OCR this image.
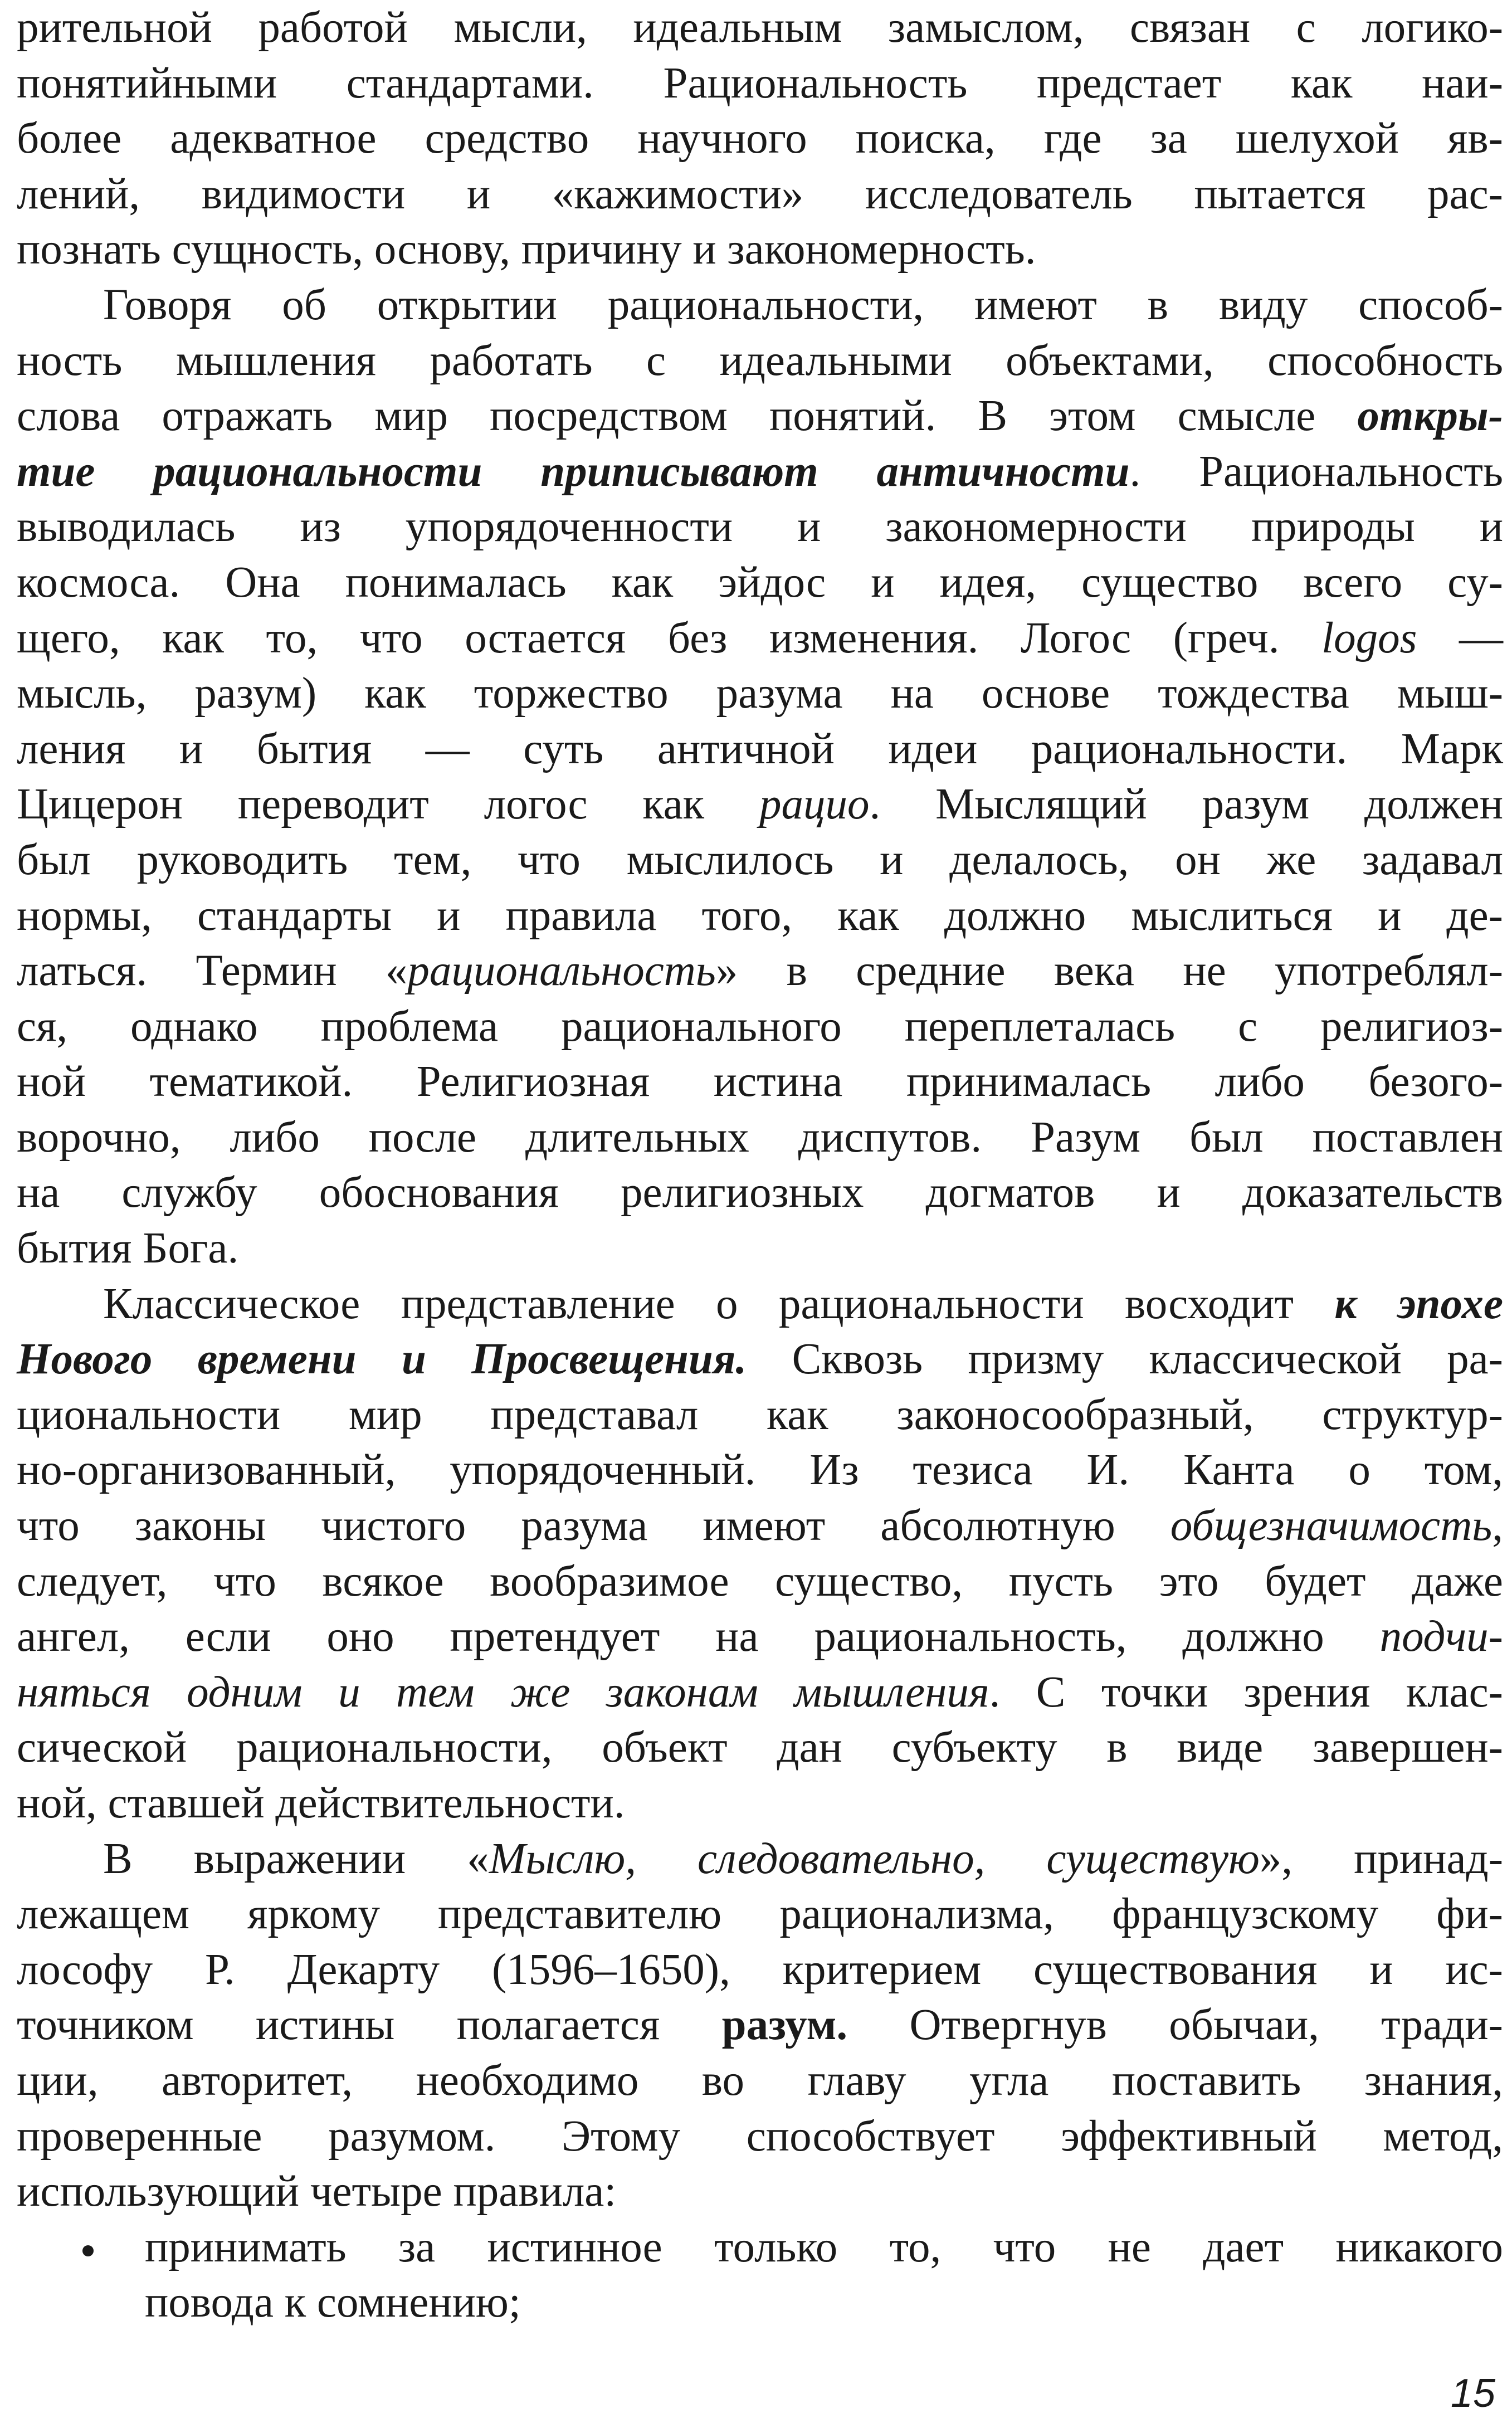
рительной работой мысли, идеальным замыслом, связан с логико-
понятийными стандартами. Рациональность предстает как наи-
более адекватное средство научного поиска, где за шелухой яв-
лений, видимости и «кажимости» исследователь пытается рас-
познать сущность, основу, причину и закономерность.
Говоря об открытии рациональности, имеют в виду способ-
ность мышления работать с идеальными объектами, способность
слова отражать мир посредством понятий. В этом смысле откры-
тие рациональности приписывают античности. Рациональность
выводилась из упорядоченности и закономерности природы и
космоса. Она понималась как эйдос и идея, существо всего су-
щего, как то, что остается без изменения. Логос (греч. logos —
мысль, разум) как торжество разума на основе тождества мыш-
ления и бытия — суть античной идеи рациональности. Марк
Цицерон переводит логос как рацио. Мыслящий разум должен
был руководить тем, что мыслилось и делалось, он же задавал
нормы, стандарты и правила того, как должно мыслиться и де-
латься. Термин «рациональность» в средние века не употреблял-
ся, однако проблема рационального переплеталась с религиоз-
ной тематикой. Религиозная истина принималась либо безого-
ворочно, либо после длительных диспутов. Разум был поставлен
на службу обоснования религиозных догматов и доказательств
бытия Бога.
Классическое представление о рациональности восходит к эпохе
Нового времени и Просвещения. Сквозь призму классической ра-
циональности мир представал как законосообразный, структур-
но-организованный, упорядоченный. Из тезиса И. Канта о том,
что законы чистого разума имеют абсолютную общезначимость,
следует, что всякое вообразимое существо, пусть это будет даже
ангел, если оно претендует на рациональность, должно подчи-
няться одним и тем же законам мышления. С точки зрения клас-
сической рациональности, объект дан субъекту в виде завершен-
ной, ставшей действительности.
В выражении «Мыслю, следовательно, существую», принад-
лежащем яркому представителю рационализма, французскому фи-
лософу Р. Декарту (1596–1650), критерием существования и ис-
точником истины полагается разум. Отвергнув обычаи, тради-
ции, авторитет, необходимо во главу угла поставить знания,
проверенные разумом. Этому способствует эффективный метод,
использующий четыре правила:
принимать за истинное только то, что не дает никакого
повода к сомнению;
15
